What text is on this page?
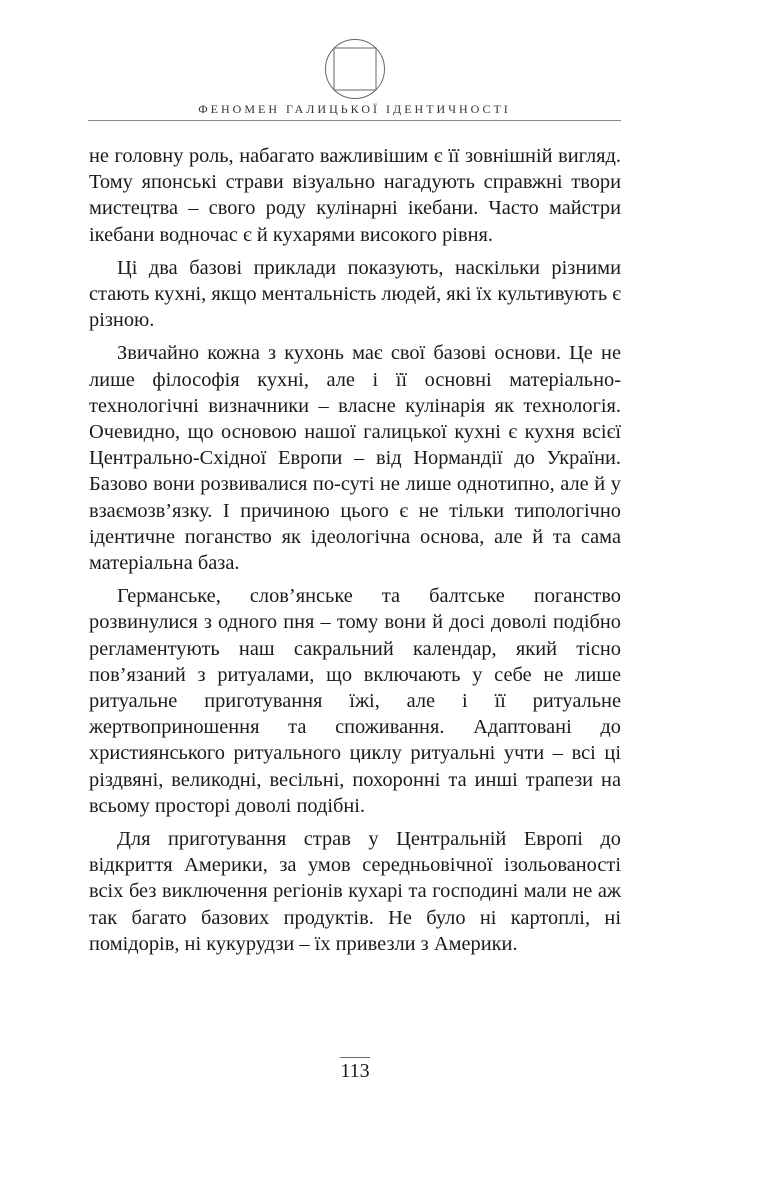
ФЕНОМЕН ГАЛИЦЬКОЇ ІДЕНТИЧНОСТІ

не головну роль, набагато важливішим є її зовнішній вигляд. Тому японські страви візуально нагадують справжні твори мистецтва – свого роду кулінарні ікебани. Часто майстри ікебани водночас є й кухарями високого рівня.

Ці два базові приклади показують, наскільки різними стають кухні, якщо ментальність людей, які їх культивують є різною.

Звичайно кожна з кухонь має свої базові основи. Це не лише філософія кухні, але і її основні матеріально-технологічні визначники – власне кулінарія як технологія. Очевидно, що основою нашої галицької кухні є кухня всієї Центрально-Східної Европи – від Нормандії до України. Базово вони розвивалися по-суті не лише однотипно, але й у взаємозв’язку. І причиною цього є не тільки типологічно ідентичне поганство як ідеологічна основа, але й та сама матеріальна база.

Германське, слов’янське та балтське поганство розвинулися з одного пня – тому вони й досі доволі подібно регламентують наш сакральний календар, який тісно пов’язаний з ритуалами, що включають у себе не лише ритуальне приготування їжі, але і її ритуальне жертвоприношення та споживання. Адаптовані до християнського ритуального циклу ритуальні учти – всі ці різдвяні, великодні, весільні, похоронні та инші трапези на всьому просторі доволі подібні.

Для приготування страв у Центральній Европі до відкриття Америки, за умов середньовічної ізольованості всіх без виключення регіонів кухарі та господині мали не аж так багато базових продуктів. Не було ні картоплі, ні помідорів, ні кукурудзи – їх привезли з Америки.

113
